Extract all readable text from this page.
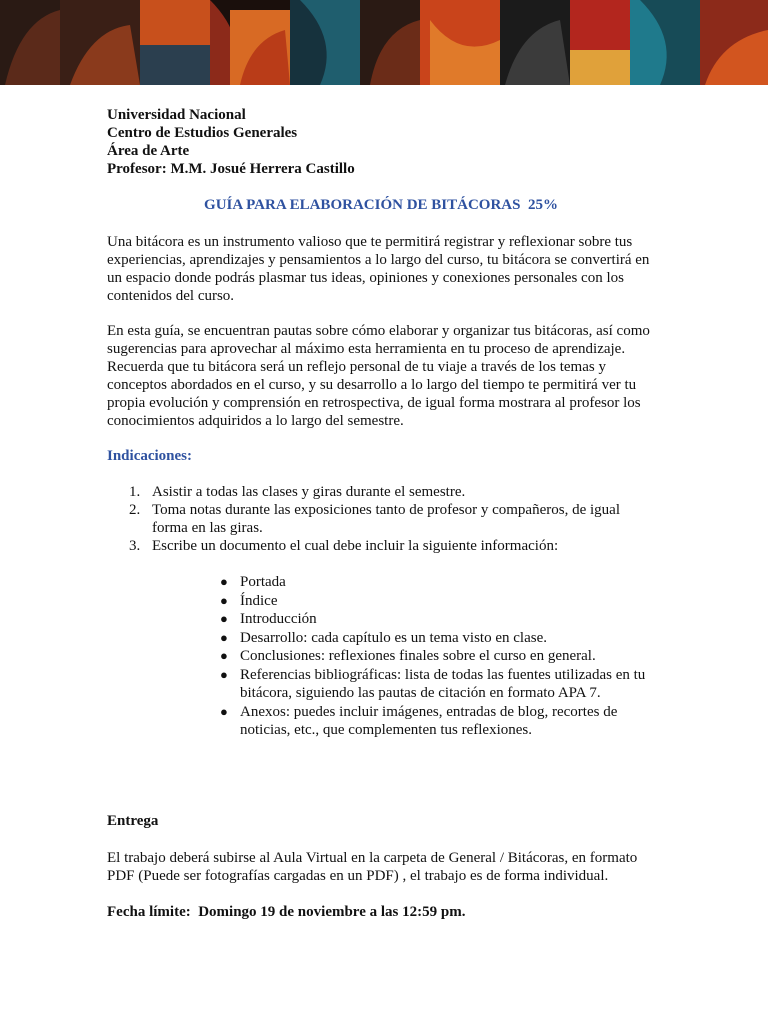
Universidad Nacional
Centro de Estudios Generales
Área de Arte
Profesor: M.M. Josué Herrera Castillo
GUÍA PARA ELABORACIÓN DE BITÁCORAS  25%

Una bitácora es un instrumento valioso que te permitirá registrar y reflexionar sobre tus experiencias, aprendizajes y pensamientos a lo largo del curso, tu bitácora se convertirá en un espacio donde podrás plasmar tus ideas, opiniones y conexiones personales con los contenidos del curso.

En esta guía, se encuentran pautas sobre cómo elaborar y organizar tus bitácoras, así como sugerencias para aprovechar al máximo esta herramienta en tu proceso de aprendizaje. Recuerda que tu bitácora será un reflejo personal de tu viaje a través de los temas y conceptos abordados en el curso, y su desarrollo a lo largo del tiempo te permitirá ver tu propia evolución y comprensión en retrospectiva, de igual forma mostrara al profesor los conocimientos adquiridos a lo largo del semestre.

Indicaciones:
1. Asistir a todas las clases y giras durante el semestre.
2. Toma notas durante las exposiciones tanto de profesor y compañeros, de igual forma en las giras.
3. Escribe un documento el cual debe incluir la siguiente información:
● Portada
● Índice
● Introducción
● Desarrollo: cada capítulo es un tema visto en clase.
● Conclusiones: reflexiones finales sobre el curso en general.
● Referencias bibliográficas: lista de todas las fuentes utilizadas en tu bitácora, siguiendo las pautas de citación en formato APA 7.
● Anexos: puedes incluir imágenes, entradas de blog, recortes de noticias, etc., que complementen tus reflexiones.
Entrega

El trabajo deberá subirse al Aula Virtual en la carpeta de General / Bitácoras, en formato PDF (Puede ser fotografías cargadas en un PDF) , el trabajo es de forma individual.

Fecha límite:  Domingo 19 de noviembre a las 12:59 pm.
